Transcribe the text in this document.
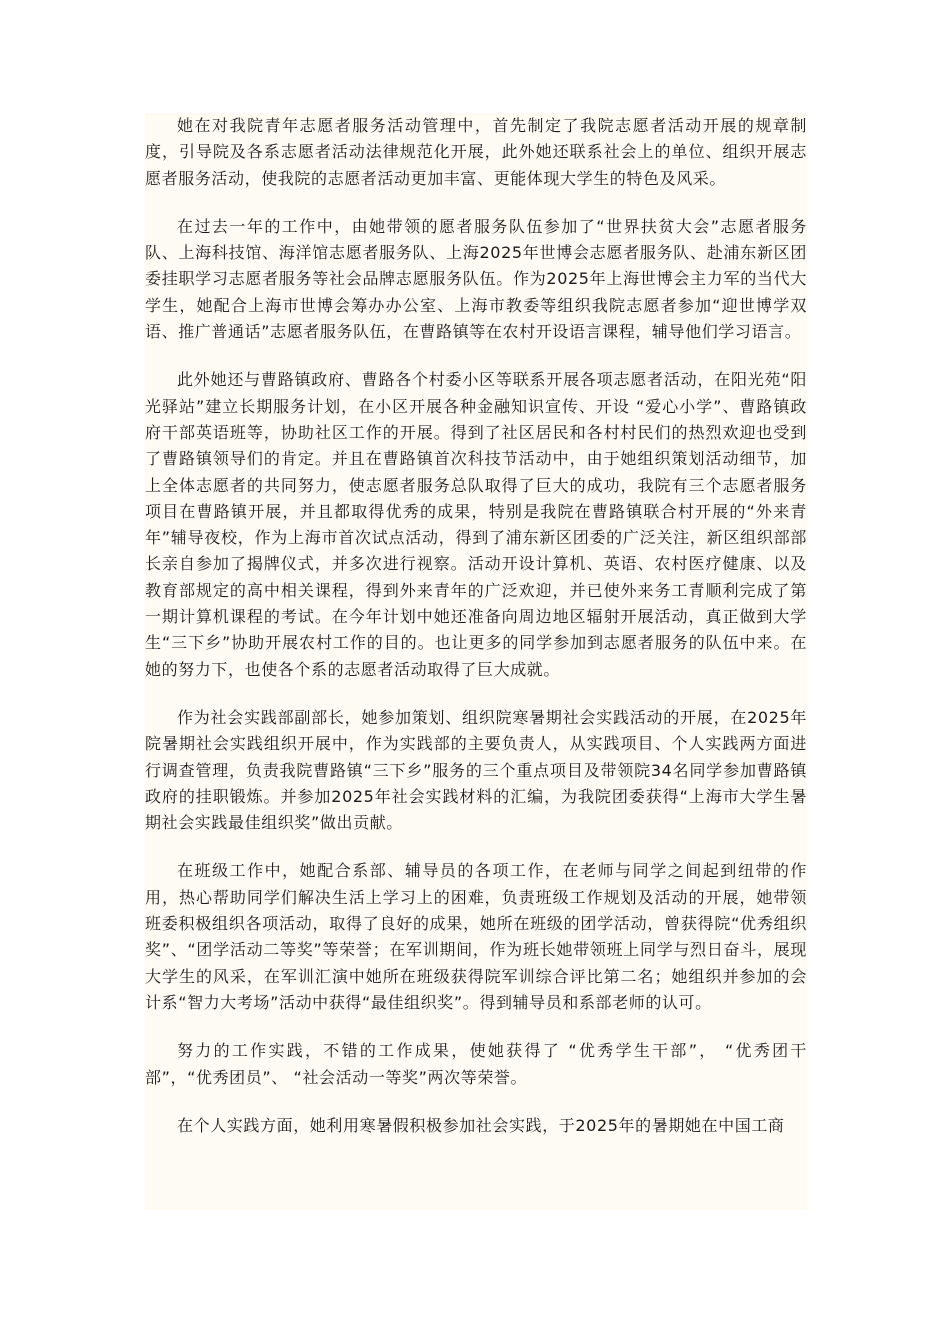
她在对我院青年志愿者服务活动管理中，首先制定了我院志愿者活动开展的规章制度，引导院及各系志愿者活动法律规范化开展，此外她还联系社会上的单位、组织开展志愿者服务活动，使我院的志愿者活动更加丰富、更能体现大学生的特色及风采。

在过去一年的工作中，由她带领的愿者服务队伍参加了“世界扶贫大会”志愿者服务队、上海科技馆、海洋馆志愿者服务队、上海2025年世博会志愿者服务队、赴浦东新区团委挂职学习志愿者服务等社会品牌志愿服务队伍。作为2025年上海世博会主力军的当代大学生，她配合上海市世博会筹办办公室、上海市教委等组织我院志愿者参加“迎世博学双语、推广普通话”志愿者服务队伍，在曹路镇等在农村开设语言课程，辅导他们学习语言。

此外她还与曹路镇政府、曹路各个村委小区等联系开展各项志愿者活动，在阳光苑“阳光驿站”建立长期服务计划，在小区开展各种金融知识宣传、开设 “爱心小学”、曹路镇政府干部英语班等，协助社区工作的开展。得到了社区居民和各村村民们的热烈欢迎也受到了曹路镇领导们的肯定。并且在曹路镇首次科技节活动中，由于她组织策划活动细节，加上全体志愿者的共同努力，使志愿者服务总队取得了巨大的成功，我院有三个志愿者服务项目在曹路镇开展，并且都取得优秀的成果，特别是我院在曹路镇联合村开展的“外来青年”辅导夜校，作为上海市首次试点活动，得到了浦东新区团委的广泛关注，新区组织部部长亲自参加了揭牌仪式，并多次进行视察。活动开设计算机、英语、农村医疗健康、以及教育部规定的高中相关课程，得到外来青年的广泛欢迎，并已使外来务工青顺利完成了第一期计算机课程的考试。在今年计划中她还准备向周边地区辐射开展活动，真正做到大学生“三下乡”协助开展农村工作的目的。也让更多的同学参加到志愿者服务的队伍中来。在她的努力下，也使各个系的志愿者活动取得了巨大成就。

作为社会实践部副部长，她参加策划、组织院寒暑期社会实践活动的开展，在2025年院暑期社会实践组织开展中，作为实践部的主要负责人，从实践项目、个人实践两方面进行调查管理，负责我院曹路镇“三下乡”服务的三个重点项目及带领院34名同学参加曹路镇政府的挂职锻炼。并参加2025年社会实践材料的汇编，为我院团委获得“上海市大学生暑期社会实践最佳组织奖”做出贡献。

在班级工作中，她配合系部、辅导员的各项工作，在老师与同学之间起到纽带的作用，热心帮助同学们解决生活上学习上的困难，负责班级工作规划及活动的开展，她带领班委积极组织各项活动，取得了良好的成果，她所在班级的团学活动，曾获得院“优秀组织奖”、“团学活动二等奖”等荣誉；在军训期间，作为班长她带领班上同学与烈日奋斗，展现大学生的风采，在军训汇演中她所在班级获得院军训综合评比第二名；她组织并参加的会计系“智力大考场”活动中获得“最佳组织奖”。得到辅导员和系部老师的认可。

努力的工作实践，不错的工作成果，使她获得了 “优秀学生干部”， “优秀团干部”，“优秀团员”、 “社会活动一等奖”两次等荣誉。

在个人实践方面，她利用寒暑假积极参加社会实践，于2025年的暑期她在中国工商
